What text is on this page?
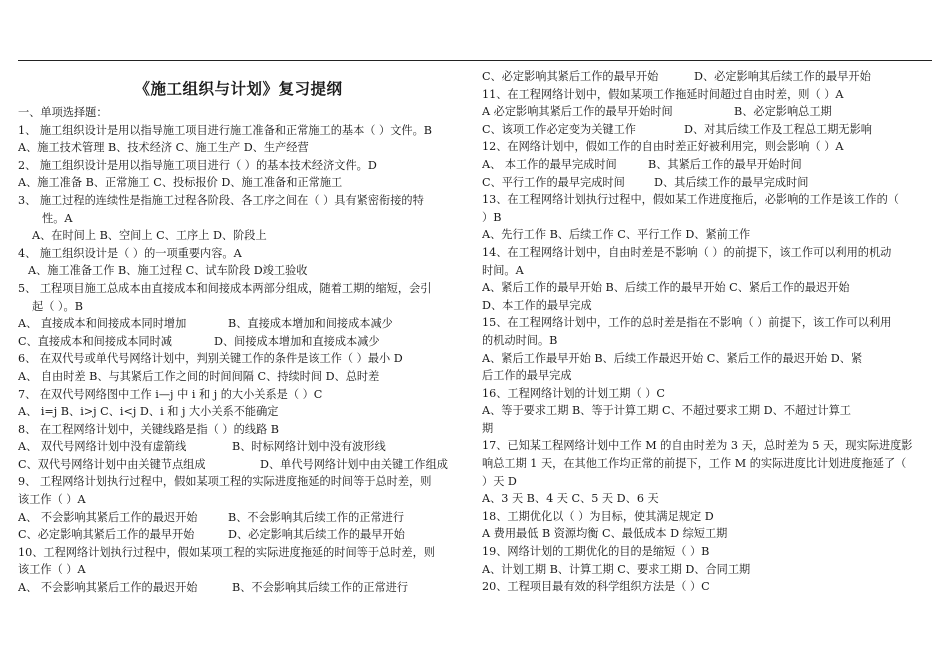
《施工组织与计划》复习提纲
一、单项选择题：
1、 施工组织设计是用以指导施工项目进行施工准备和正常施工的基本（ ）文件。B
A、施工技术管理 B、技术经济 C、施工生产 D、生产经营
2、 施工组织设计是用以指导施工项目进行（ ）的基本技术经济文件。D
A、施工准备 B、正常施工 C、投标报价 D、施工准备和正常施工
3、 施工过程的连续性是指施工过程各阶段、各工序之间在（ ）具有紧密衔接的特
性。A
A、在时间上 B、空间上 C、工序上 D、阶段上
4、 施工组织设计是（ ）的一项重要内容。A
A、施工准备工作 B、施工过程 C、试车阶段 D竣工验收
5、 工程项目施工总成本由直接成本和间接成本两部分组成，随着工期的缩短，会引
起（ ）。B
A、 直接成本和间接成本同时增加	B、直接成本增加和间接成本减少
C、直接成本和间接成本同时减	D、间接成本增加和直接成本减少
6、 在双代号或单代号网络计划中，判别关键工作的条件是该工作（ ）最小 D
A、 自由时差 B、与其紧后工作之间的时间间隔 C、持续时间 D、总时差
7、 在双代号网络图中工作 i—j 中 i 和 j 的大小关系是（ ）C
A、 i=j B、i>j C、i<j D、i 和 j 大小关系不能确定
8、 在工程网络计划中，关键线路是指（ ）的线路 B
A、 双代号网络计划中没有虚箭线	B、时标网络计划中没有波形线
C、双代号网络计划中由关键节点组成	D、单代号网络计划中由关键工作组成
9、 工程网络计划执行过程中，假如某项工程的实际进度拖延的时间等于总时差，则
该工作（ ）A
A、 不会影响其紧后工作的最迟开始	B、不会影响其后续工作的正常进行
C、必定影响其紧后工作的最早开始	D、必定影响其后续工作的最早开始
10、工程网络计划执行过程中，假如某项工程的实际进度拖延的时间等于总时差，则
该工作（ ）A
A、 不会影响其紧后工作的最迟开始	B、不会影响其后续工作的正常进行
C、必定影响其紧后工作的最早开始	D、必定影响其后续工作的最早开始
11、在工程网络计划中，假如某项工作拖延时间超过自由时差，则（ ）A
A 必定影响其紧后工作的最早开始时间	B、必定影响总工期
C、该项工作必定变为关键工作	D、对其后续工作及工程总工期无影响
12、在网络计划中，假如工作的自由时差正好被利用完，则会影响（ ）A
A、 本工作的最早完成时间	B、其紧后工作的最早开始时间
C、平行工作的最早完成时间	D、其后续工作的最早完成时间
13、在工程网络计划执行过程中，假如某工作进度拖后，必影响的工作是该工作的（
）B
A、先行工作 B、后续工作 C、平行工作 D、紧前工作
14、在工程网络计划中，自由时差是不影响（ ）的前提下，该工作可以利用的机动
时间。A
A、紧后工作的最早开始 B、后续工作的最早开始 C、紧后工作的最迟开始
D、本工作的最早完成
15、在工程网络计划中，工作的总时差是指在不影响（ ）前提下，该工作可以利用
的机动时间。B
A、紧后工作最早开始 B、后续工作最迟开始 C、紧后工作的最迟开始 D、紧
后工作的最早完成
16、工程网络计划的计划工期（ ）C
A、等于要求工期 B、等于计算工期 C、不超过要求工期 D、不超过计算工
期
17、已知某工程网络计划中工作 M 的自由时差为 3 天，总时差为 5 天，现实际进度影
响总工期 1 天，在其他工作均正常的前提下，工作 M 的实际进度比计划进度拖延了（
）天 D
A、3 天 B、4 天 C、5 天 D、6 天
18、工期优化以（ ）为目标，使其满足规定 D
A 费用最低 B 资源均衡 C、最低成本 D 综短工期
19、网络计划的工期优化的目的是缩短（ ）B
A、计划工期 B、计算工期 C、要求工期 D、合同工期
20、工程项目最有效的科学组织方法是（ ）C
